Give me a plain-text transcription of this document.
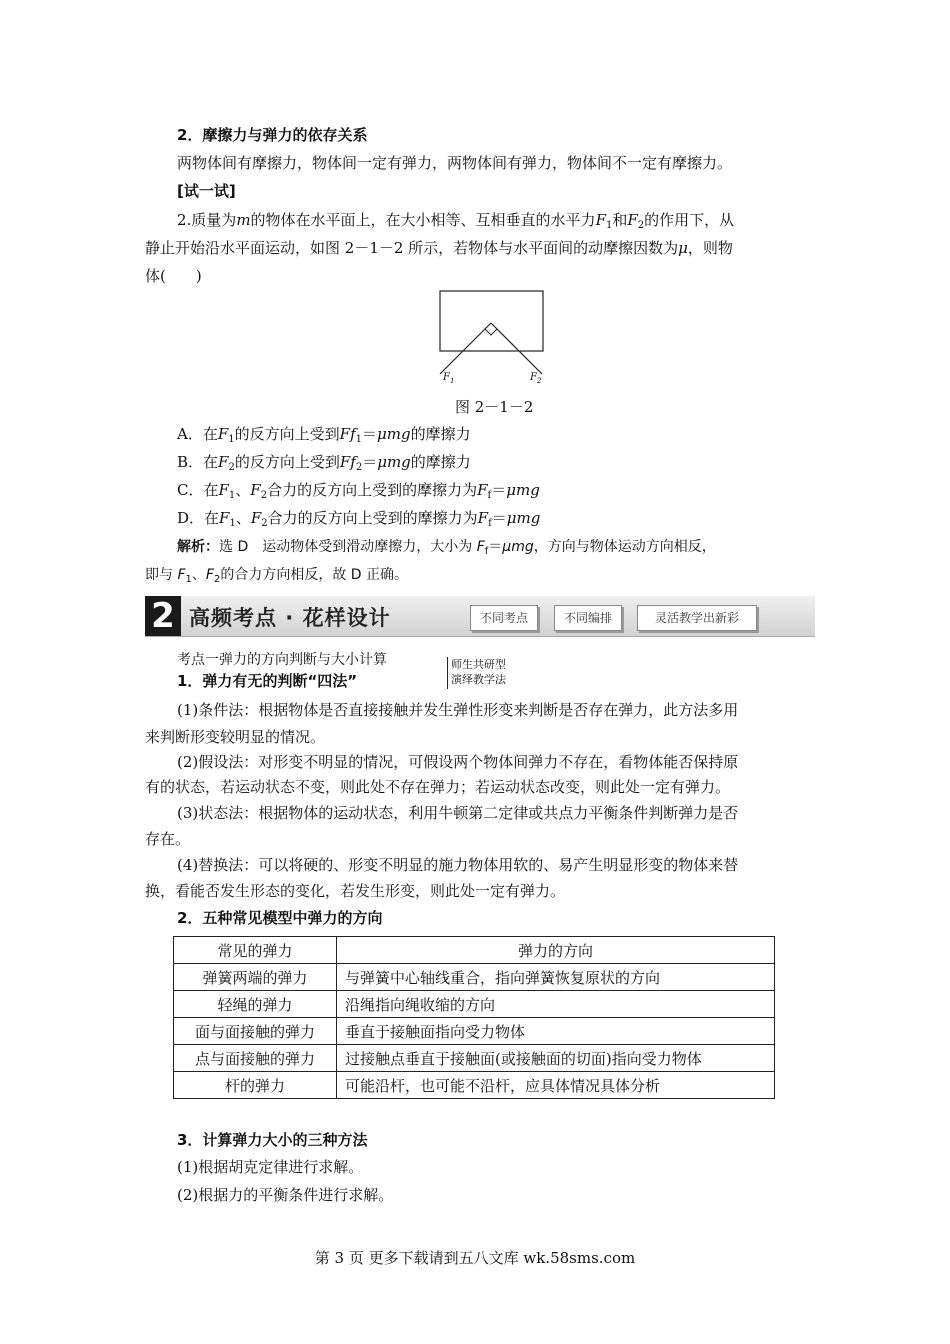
2．摩擦力与弹力的依存关系
两物体间有摩擦力，物体间一定有弹力，两物体间有弹力，物体间不一定有摩擦力。
[试一试]
2.质量为m的物体在水平面上，在大小相等、互相垂直的水平力$F_1$和$F_2$的作用下，从
静止开始沿水平面运动，如图 2－1－2 所示，若物体与水平面间的动摩擦因数为μ，则物
体(　　)
$F_1$	$F_2$
图 2－1－2
A．在$F_1$的反方向上受到$Ff_1=\mu mg$的摩擦力
B．在$F_2$的反方向上受到$Ff_2=\mu mg$的摩擦力
C．在$F_1$、$F_2$合力的反方向上受到的摩擦力为$F_f=\mu mg$
D．在$F_1$、$F_2$合力的反方向上受到的摩擦力为$F_f=\mu mg$
解析：选 D　运动物体受到滑动摩擦力，大小为 $F_f=\mu mg$，方向与物体运动方向相反，
即与 $F_1$、$F_2$的合力方向相反，故 D 正确。
2 高频考点 · 花样设计	不同考点	不同编排	灵活教学出新彩
考点一弹力的方向判断与大小计算	师生共研型
演绎教学法
1．弹力有无的判断“四法”
(1)条件法：根据物体是否直接接触并发生弹性形变来判断是否存在弹力，此方法多用
来判断形变较明显的情况。
(2)假设法：对形变不明显的情况，可假设两个物体间弹力不存在，看物体能否保持原
有的状态，若运动状态不变，则此处不存在弹力；若运动状态改变，则此处一定有弹力。
(3)状态法：根据物体的运动状态，利用牛顿第二定律或共点力平衡条件判断弹力是否
存在。
(4)替换法：可以将硬的、形变不明显的施力物体用软的、易产生明显形变的物体来替
换，看能否发生形态的变化，若发生形变，则此处一定有弹力。
2．五种常见模型中弹力的方向
常见的弹力	弹力的方向
弹簧两端的弹力	与弹簧中心轴线重合，指向弹簧恢复原状的方向
轻绳的弹力	沿绳指向绳收缩的方向
面与面接触的弹力	垂直于接触面指向受力物体
点与面接触的弹力	过接触点垂直于接触面(或接触面的切面)指向受力物体
杆的弹力	可能沿杆，也可能不沿杆，应具体情况具体分析
3．计算弹力大小的三种方法
(1)根据胡克定律进行求解。
(2)根据力的平衡条件进行求解。
第 3 页 更多下载请到五八文库 wk.58sms.com
